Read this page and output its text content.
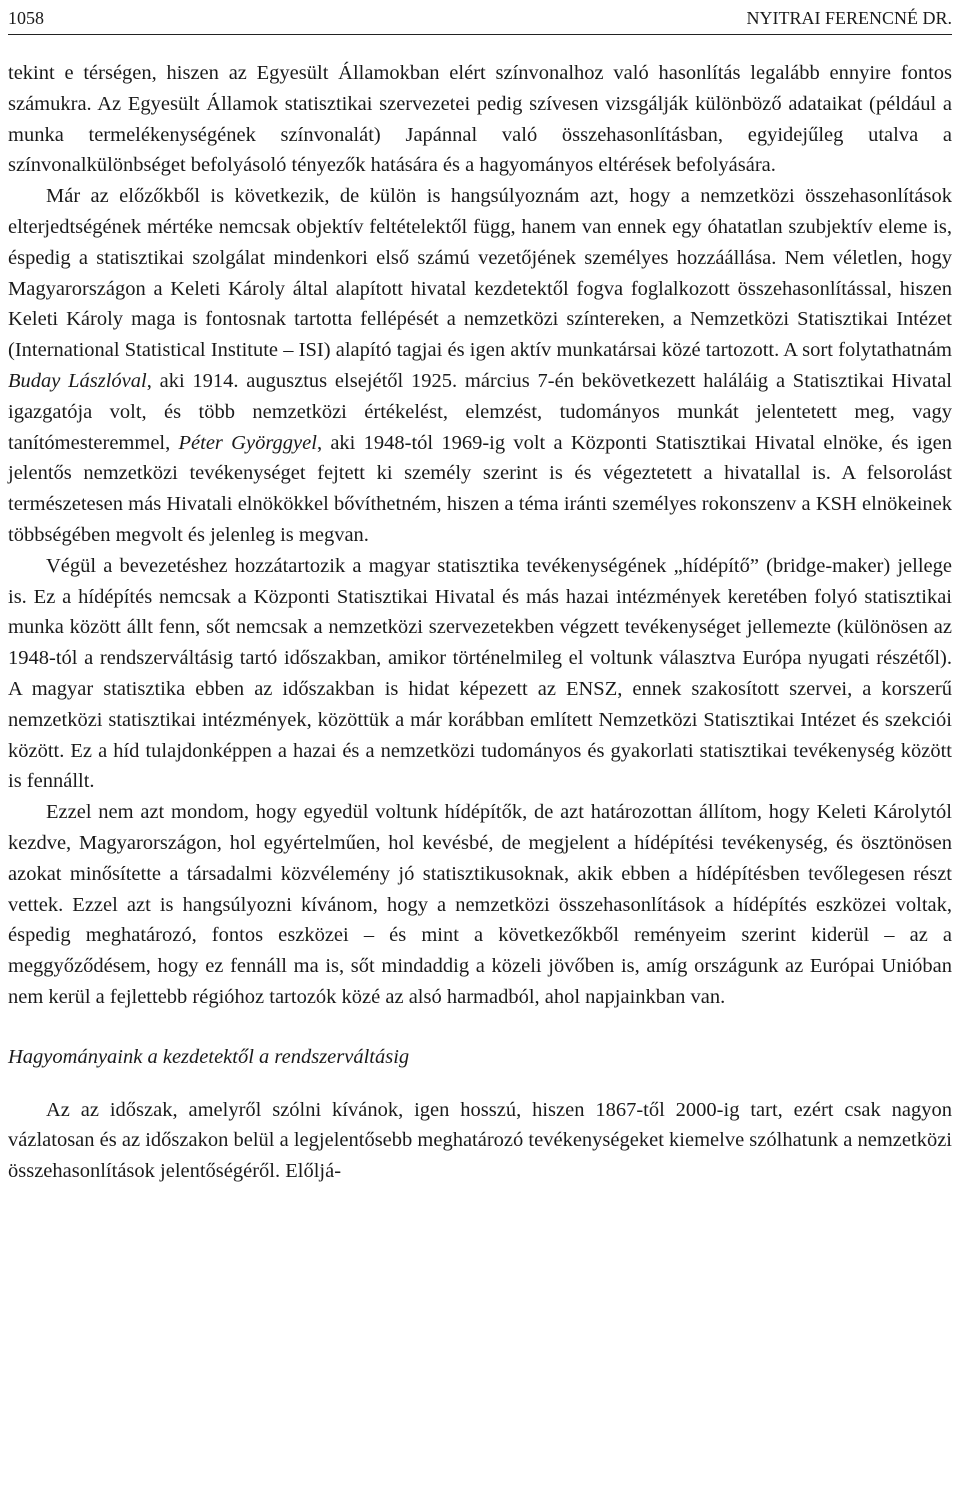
1058	NYITRAI FERENCNÉ DR.

tekint e térségen, hiszen az Egyesült Államokban elért színvonalhoz való hasonlítás legalább ennyire fontos számukra. Az Egyesült Államok statisztikai szervezetei pedig szívesen vizsgálják különböző adataikat (például a munka termelékenységének színvonalát) Japánnal való összehasonlításban, egyidejűleg utalva a színvonalkülönbséget befolyásoló tényezők hatására és a hagyományos eltérések befolyására.

Már az előzőkből is következik, de külön is hangsúlyoznám azt, hogy a nemzetközi összehasonlítások elterjedtségének mértéke nemcsak objektív feltételektől függ, hanem van ennek egy óhatatlan szubjektív eleme is, éspedig a statisztikai szolgálat mindenkori első számú vezetőjének személyes hozzáállása. Nem véletlen, hogy Magyarországon a Keleti Károly által alapított hivatal kezdetektől fogva foglalkozott összehasonlítással, hiszen Keleti Károly maga is fontosnak tartotta fellépését a nemzetközi színtereken, a Nemzetközi Statisztikai Intézet (International Statistical Institute – ISI) alapító tagjai és igen aktív munkatársai közé tartozott. A sort folytathatnám Buday Lászlóval, aki 1914. augusztus elsejétől 1925. március 7-én bekövetkezett haláláig a Statisztikai Hivatal igazgatója volt, és több nemzetközi értékelést, elemzést, tudományos munkát jelentetett meg, vagy tanítómesteremmel, Péter Györggyel, aki 1948-tól 1969-ig volt a Központi Statisztikai Hivatal elnöke, és igen jelentős nemzetközi tevékenységet fejtett ki személy szerint is és végeztetett a hivatallal is. A felsorolást természetesen más Hivatali elnökökkel bővíthetném, hiszen a téma iránti személyes rokonszenv a KSH elnökeinek többségében megvolt és jelenleg is megvan.

Végül a bevezetéshez hozzátartozik a magyar statisztika tevékenységének „hídépítő” (bridge-maker) jellege is. Ez a hídépítés nemcsak a Központi Statisztikai Hivatal és más hazai intézmények keretében folyó statisztikai munka között állt fenn, sőt nemcsak a nemzetközi szervezetekben végzett tevékenységet jellemezte (különösen az 1948-tól a rendszerváltásig tartó időszakban, amikor történelmileg el voltunk választva Európa nyugati részétől). A magyar statisztika ebben az időszakban is hidat képezett az ENSZ, ennek szakosított szervei, a korszerű nemzetközi statisztikai intézmények, közöttük a már korábban említett Nemzetközi Statisztikai Intézet és szekciói között. Ez a híd tulajdonképpen a hazai és a nemzetközi tudományos és gyakorlati statisztikai tevékenység között is fennállt.

Ezzel nem azt mondom, hogy egyedül voltunk hídépítők, de azt határozottan állítom, hogy Keleti Károlytól kezdve, Magyarországon, hol egyértelműen, hol kevésbé, de megjelent a hídépítési tevékenység, és ösztönösen azokat minősítette a társadalmi közvélemény jó statisztikusoknak, akik ebben a hídépítésben tevőlegesen részt vettek. Ezzel azt is hangsúlyozni kívánom, hogy a nemzetközi összehasonlítások a hídépítés eszközei voltak, éspedig meghatározó, fontos eszközei – és mint a következőkből reményeim szerint kiderül – az a meggyőződésem, hogy ez fennáll ma is, sőt mindaddig a közeli jövőben is, amíg országunk az Európai Unióban nem kerül a fejlettebb régióhoz tartozók közé az alsó harmadból, ahol napjainkban van.

Hagyományaink a kezdetektől a rendszerváltásig

Az az időszak, amelyről szólni kívánok, igen hosszú, hiszen 1867-től 2000-ig tart, ezért csak nagyon vázlatosan és az időszakon belül a legjelentősebb meghatározó tevékenységeket kiemelve szólhatunk a nemzetközi összehasonlítások jelentőségéről. Előljá-
